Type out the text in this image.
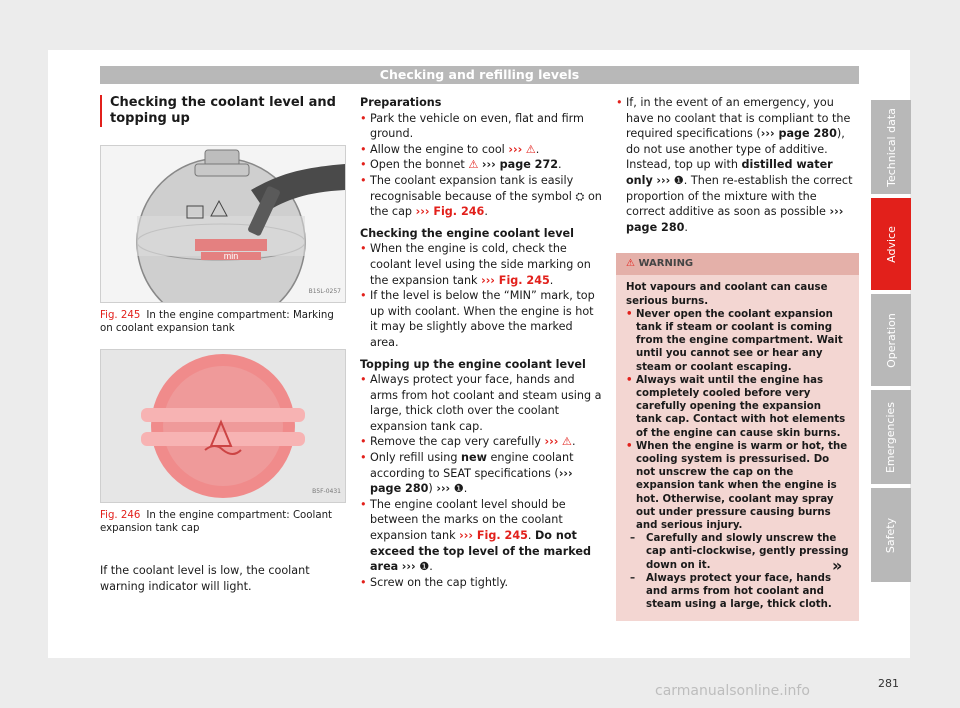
Checking and refilling levels
Technical data
Advice
Operation
Emergencies
Safety
Checking the coolant level and topping up
min
B1SL-0257

Fig. 245 In the engine compartment: Marking on coolant expansion tank

B5F-0431

Fig. 246 In the engine compartment: Coolant expansion tank cap

If the coolant level is low, the coolant warning indicator will light.

Preparations
• Park the vehicle on even, flat and firm ground.
• Allow the engine to cool ››› ⚠.
• Open the bonnet ⚠ ››› page 272.
• The coolant expansion tank is easily recognisable because of the symbol ⛭ on the cap ››› Fig. 246.
Checking the engine coolant level
• When the engine is cold, check the coolant level using the side marking on the expansion tank ››› Fig. 245.
• If the level is below the “MIN” mark, top up with coolant. When the engine is hot it may be slightly above the marked area.
Topping up the engine coolant level
• Always protect your face, hands and arms from hot coolant and steam using a large, thick cloth over the coolant expansion tank cap.
• Remove the cap very carefully ››› ⚠.
• Only refill using new engine coolant according to SEAT specifications (››› page 280) ››› ❶.
• The engine coolant level should be between the marks on the coolant expansion tank ››› Fig. 245. Do not exceed the top level of the marked area ››› ❶.
• Screw on the cap tightly.
• If, in the event of an emergency, you have no coolant that is compliant to the required specifications (››› page 280), do not use another type of additive. Instead, top up with distilled water only ››› ❶. Then re-establish the correct proportion of the mixture with the correct additive as soon as possible ››› page 280.
⚠ WARNING
Hot vapours and coolant can cause serious burns.
• Never open the coolant expansion tank if steam or coolant is coming from the engine compartment. Wait until you cannot see or hear any steam or coolant escaping.
• Always wait until the engine has completely cooled before very carefully opening the expansion tank cap. Contact with hot elements of the engine can cause skin burns.
• When the engine is warm or hot, the cooling system is pressurised. Do not unscrew the cap on the expansion tank when the engine is hot. Otherwise, coolant may spray out under pressure causing burns and serious injury.
– Carefully and slowly unscrew the cap anti-clockwise, gently pressing down on it.
– Always protect your face, hands and arms from hot coolant and steam using a large, thick cloth.
»
281
carmanualsonline.info
